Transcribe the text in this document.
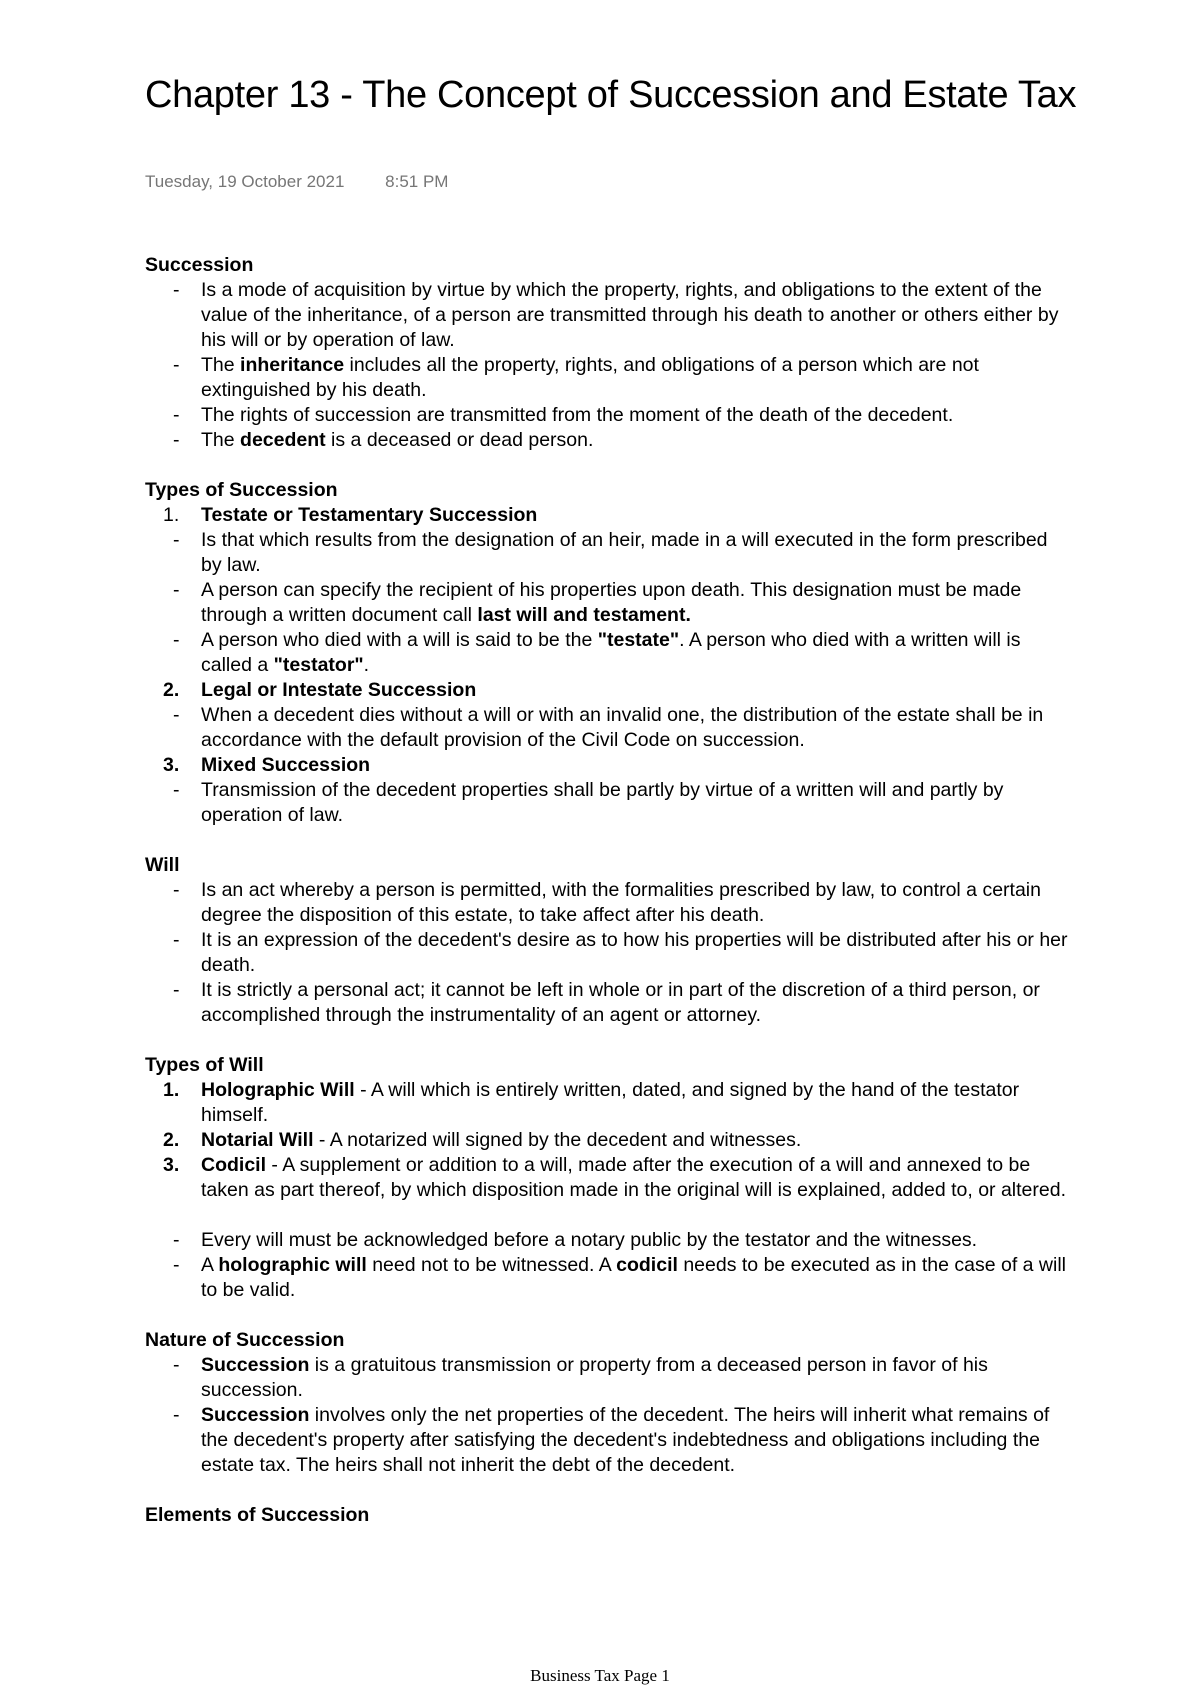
Chapter 13 - The Concept of Succession and Estate Tax
Tuesday, 19 October 2021 8:51 PM

Succession

-	Is a mode of acquisition by virtue by which the property, rights, and obligations to the extent of the value of the inheritance, of a person are transmitted through his death to another or others either by his will or by operation of law.
-	The inheritance includes all the property, rights, and obligations of a person which are not extinguished by his death.
-	The rights of succession are transmitted from the moment of the death of the decedent.
-	The decedent is a deceased or dead person.

Types of Succession

1. Testate or Testamentary Succession
-	Is that which results from the designation of an heir, made in a will executed in the form prescribed by law.
-	A person can specify the recipient of his properties upon death. This designation must be made through a written document call last will and testament.
-	A person who died with a will is said to be the "testate". A person who died with a written will is called a "testator".
2. Legal or Intestate Succession
-	When a decedent dies without a will or with an invalid one, the distribution of the estate shall be in accordance with the default provision of the Civil Code on succession.
3. Mixed Succession
-	Transmission of the decedent properties shall be partly by virtue of a written will and partly by operation of law.

Will

-	Is an act whereby a person is permitted, with the formalities prescribed by law, to control a certain degree the disposition of this estate, to take affect after his death.
-	It is an expression of the decedent's desire as to how his properties will be distributed after his or her death.
-	It is strictly a personal act; it cannot be left in whole or in part of the discretion of a third person, or accomplished through the instrumentality of an agent or attorney.

Types of Will

1. Holographic Will - A will which is entirely written, dated, and signed by the hand of the testator himself.
2. Notarial Will - A notarized will signed by the decedent and witnesses.
3. Codicil - A supplement or addition to a will, made after the execution of a will and annexed to be taken as part thereof, by which disposition made in the original will is explained, added to, or altered.
-	Every will must be acknowledged before a notary public by the testator and the witnesses.
-	A holographic will need not to be witnessed. A codicil needs to be executed as in the case of a will to be valid.

Nature of Succession

-	Succession is a gratuitous transmission or property from a deceased person in favor of his succession.
-	Succession involves only the net properties of the decedent. The heirs will inherit what remains of the decedent's property after satisfying the decedent's indebtedness and obligations including the estate tax. The heirs shall not inherit the debt of the decedent.

Elements of Succession

Business Tax Page 1
